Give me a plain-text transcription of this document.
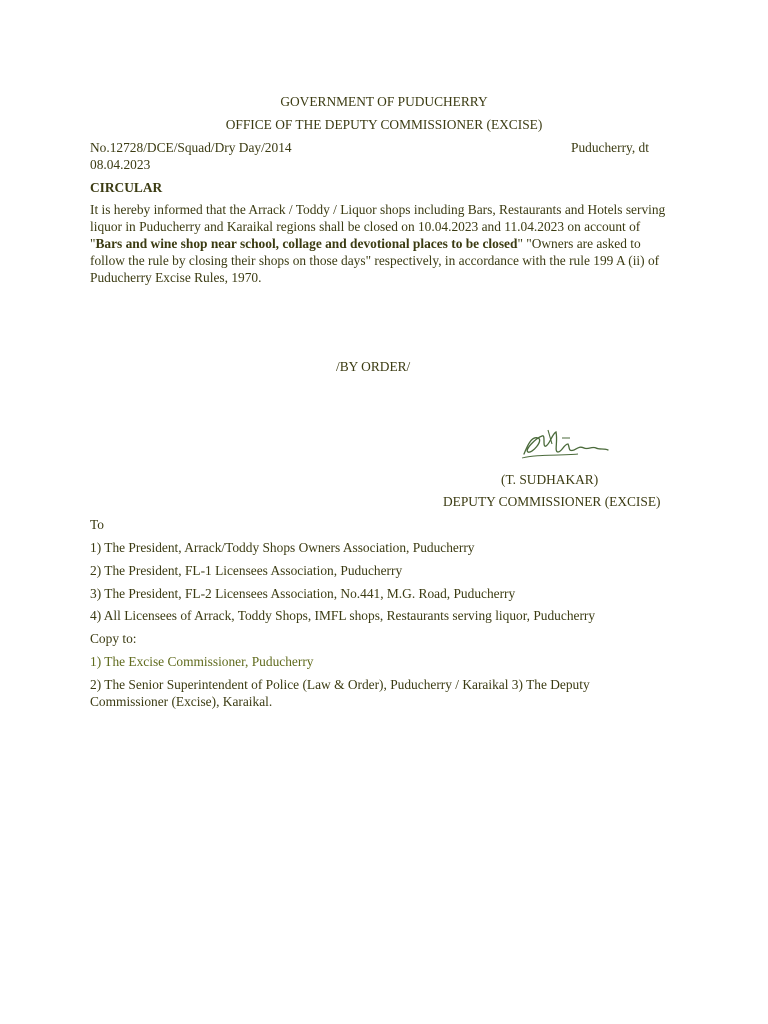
GOVERNMENT OF PUDUCHERRY

OFFICE OF THE DEPUTY COMMISSIONER (EXCISE)

No.12728/DCE/Squad/Dry Day/2014	Puducherry, dt

08.04.2023

CIRCULAR

It is hereby informed that the Arrack / Toddy / Liquor shops including Bars, Restaurants and Hotels serving liquor in Puducherry and Karaikal regions shall be closed on 10.04.2023 and 11.04.2023 on account of "Bars and wine shop near school, collage and devotional places to be closed" "Owners are asked to follow the rule by closing their shops on those days" respectively, in accordance with the rule 199 A (ii) of Puducherry Excise Rules, 1970.

/BY ORDER/

(T. SUDHAKAR)

DEPUTY COMMISSIONER (EXCISE)

To

1) The President, Arrack/Toddy Shops Owners Association, Puducherry

2) The President, FL-1 Licensees Association, Puducherry

3) The President, FL-2 Licensees Association, No.441, M.G. Road, Puducherry

4) All Licensees of Arrack, Toddy Shops, IMFL shops, Restaurants serving liquor, Puducherry

Copy to:

1) The Excise Commissioner, Puducherry

2) The Senior Superintendent of Police (Law & Order), Puducherry / Karaikal 3) The Deputy Commissioner (Excise), Karaikal.
